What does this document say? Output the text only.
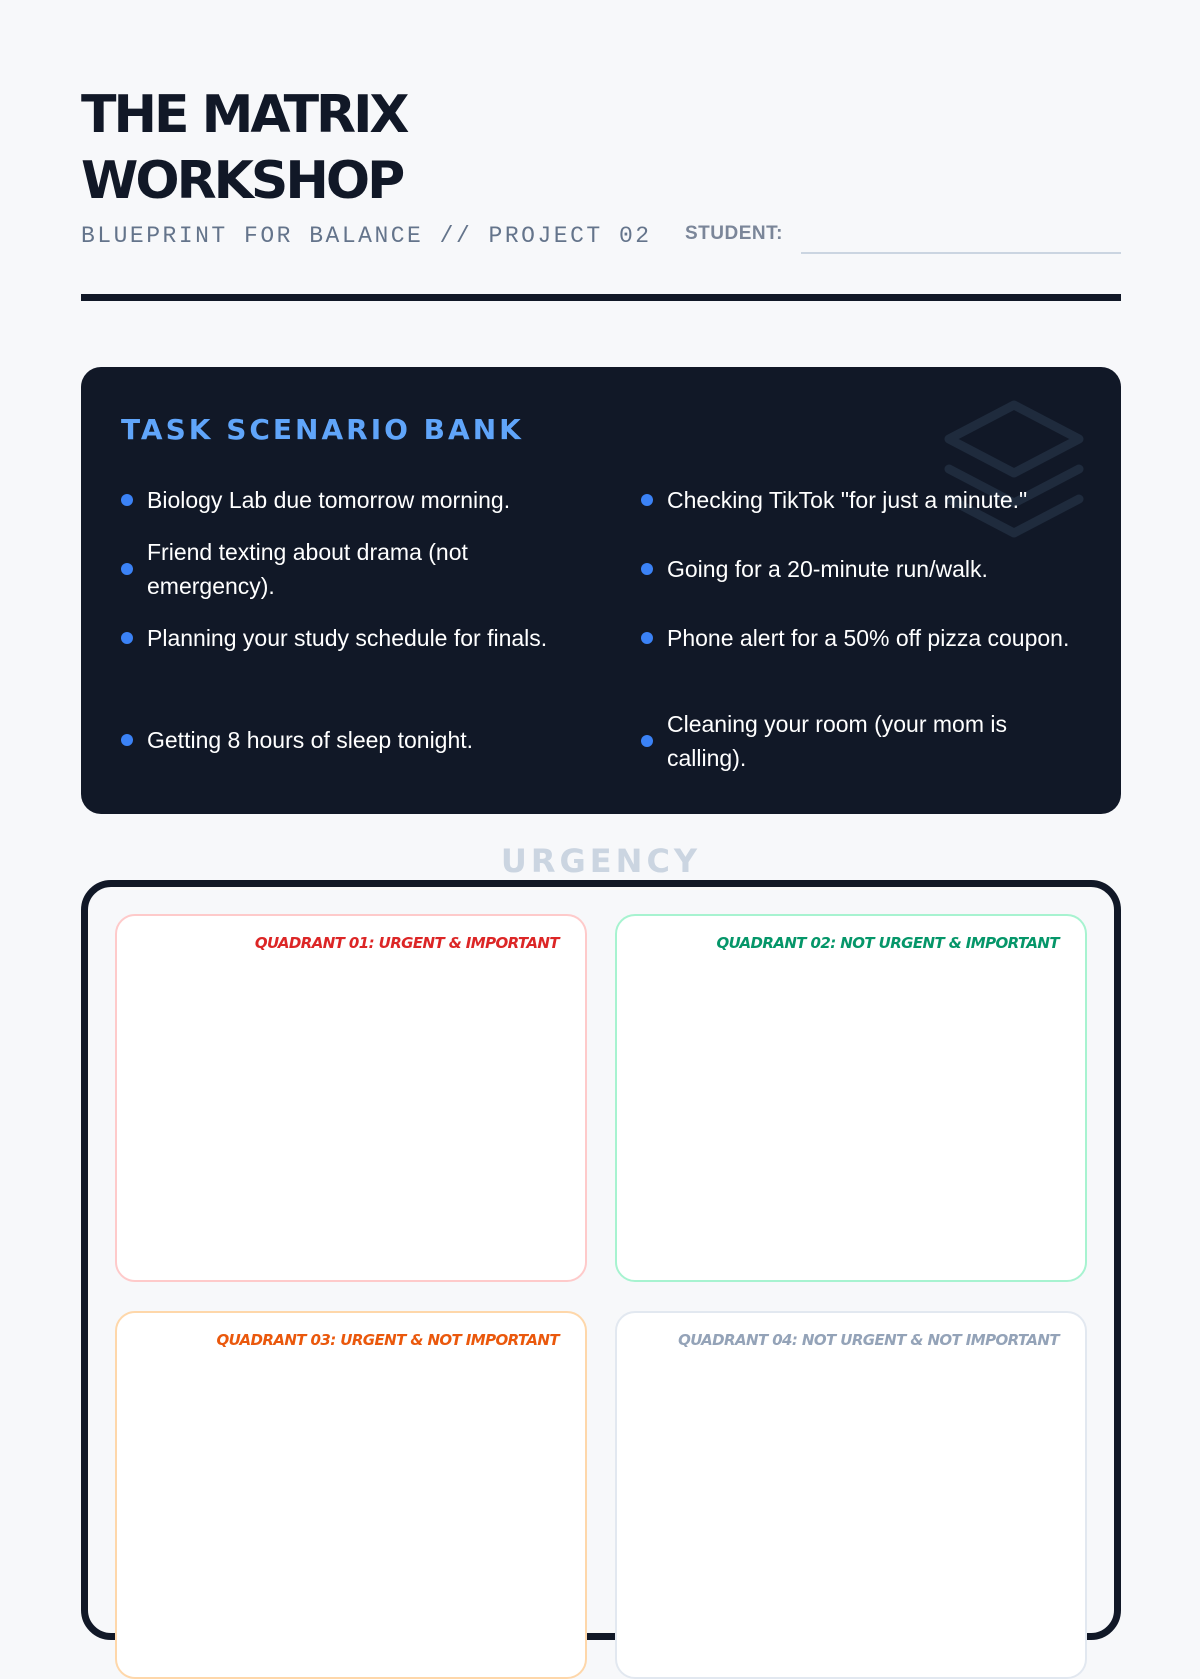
THE MATRIX
WORKSHOP
BLUEPRINT FOR BALANCE // PROJECT 02 STUDENT:
TASK SCENARIO BANK
Biology Lab due tomorrow morning.
Friend texting about drama (not emergency).
Planning your study schedule for finals.
Getting 8 hours of sleep tonight.
Checking TikTok "for just a minute."
Going for a 20-minute run/walk.
Phone alert for a 50% off pizza coupon.
Cleaning your room (your mom is calling).
URGENCY
QUADRANT 01: URGENT & IMPORTANT	QUADRANT 02: NOT URGENT & IMPORTANT
QUADRANT 03: URGENT & NOT IMPORTANT	QUADRANT 04: NOT URGENT & NOT IMPORTANT
